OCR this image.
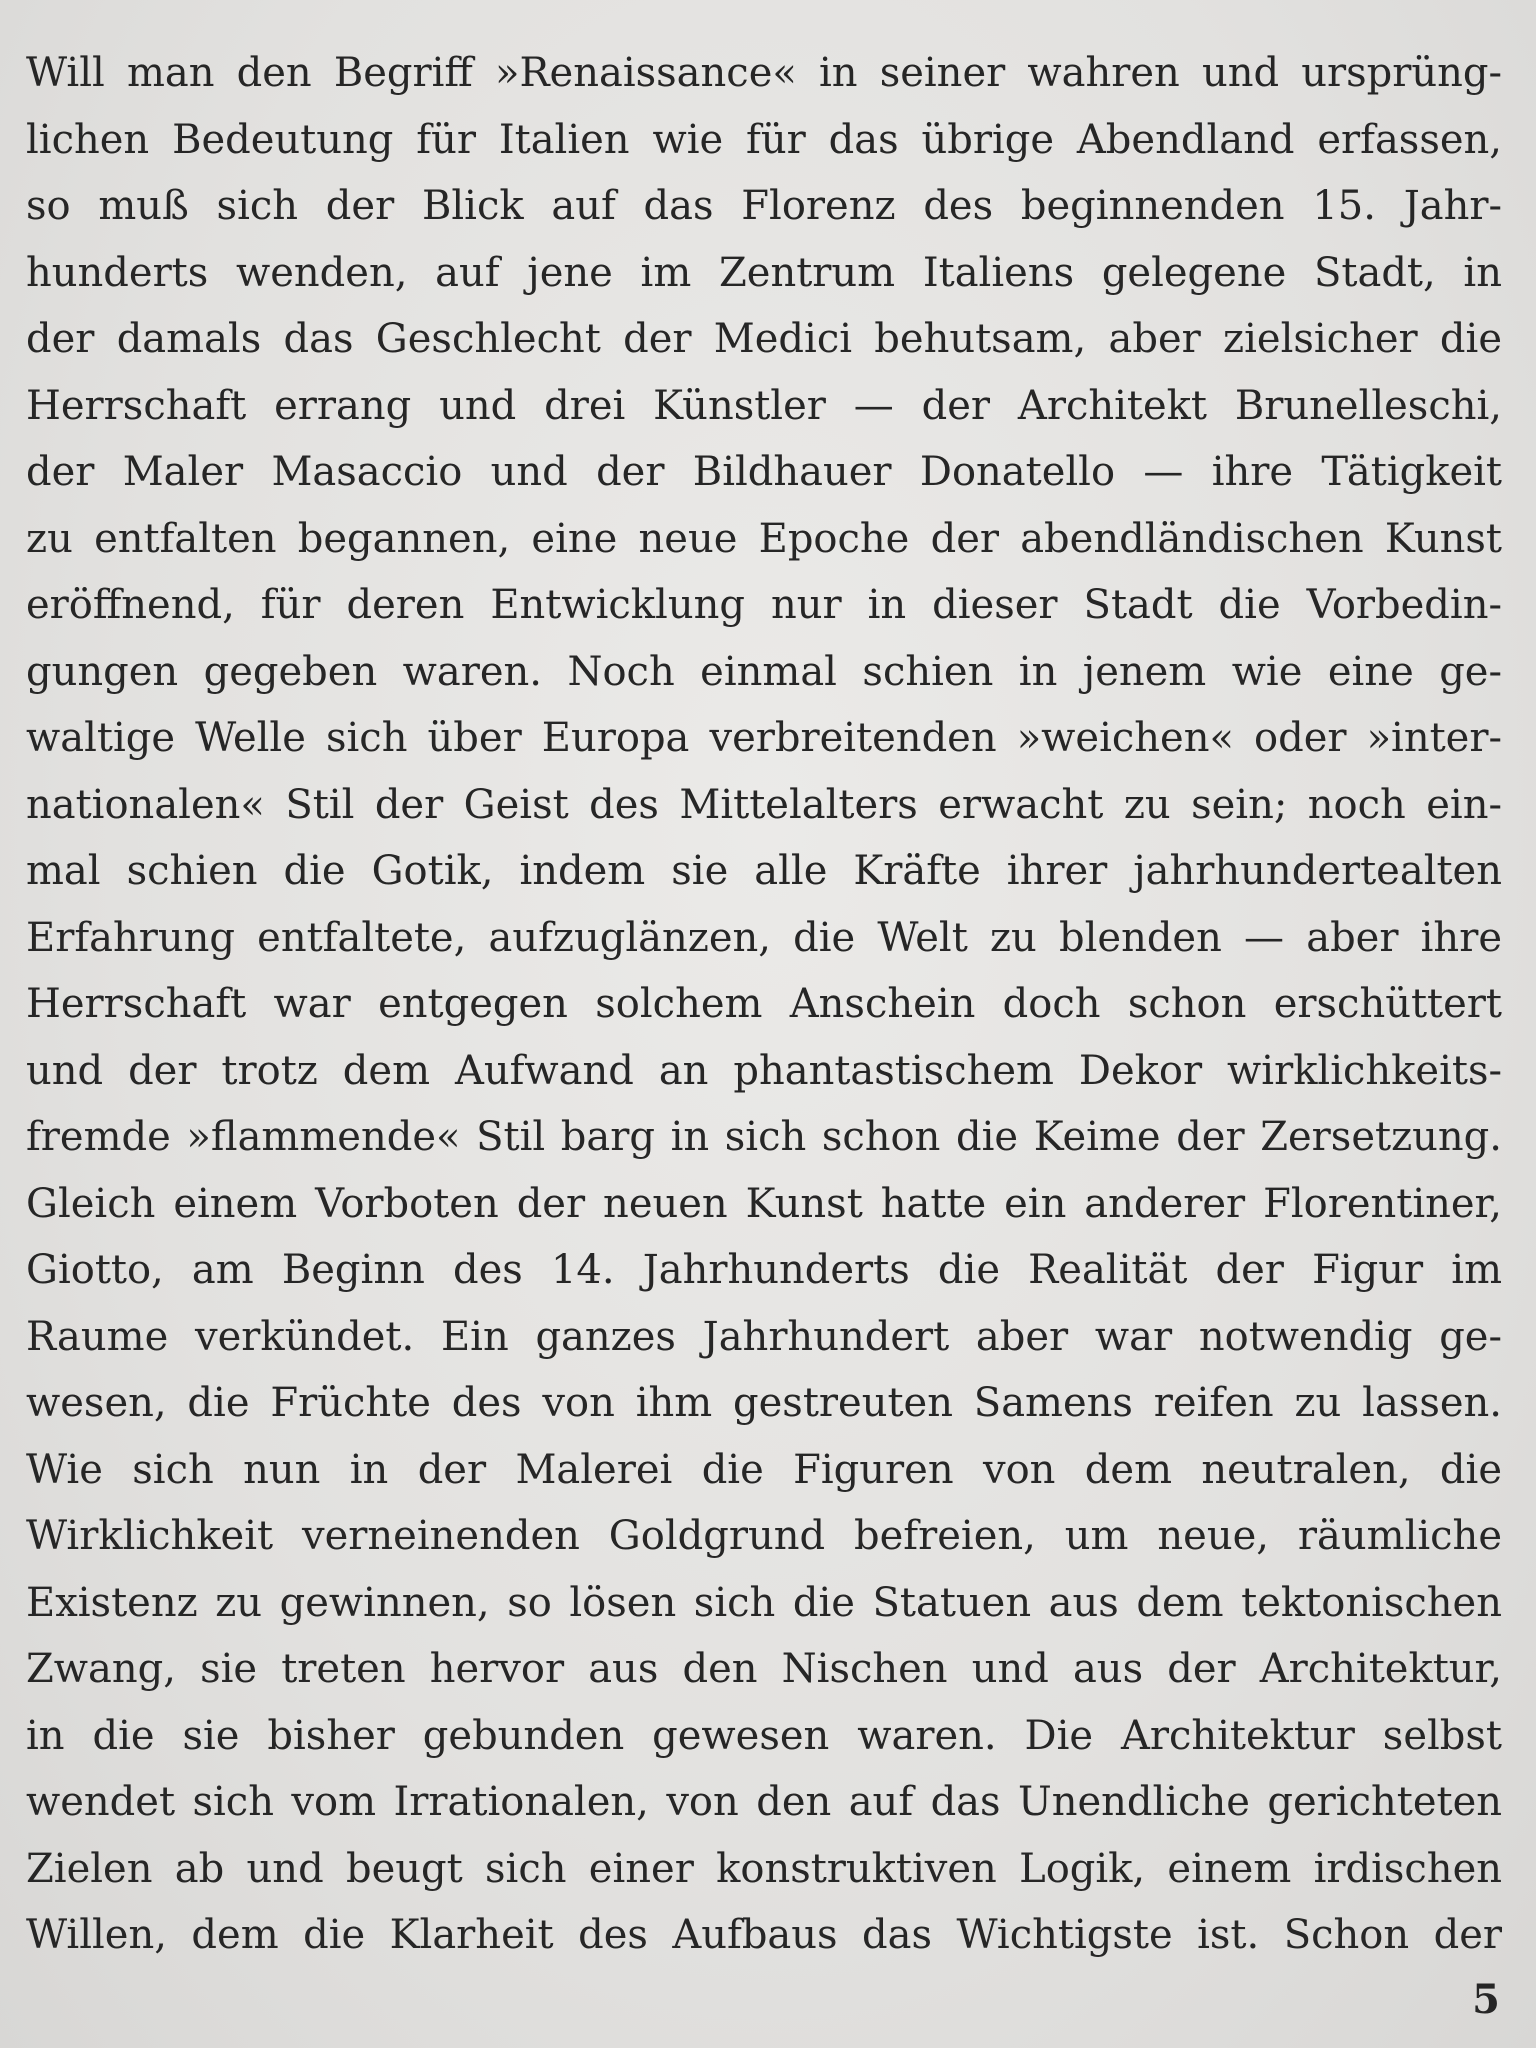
Will man den Begriff »Renaissance« in seiner wahren und ursprüng-
lichen Bedeutung für Italien wie für das übrige Abendland erfassen,
so muß sich der Blick auf das Florenz des beginnenden 15. Jahr-
hunderts wenden, auf jene im Zentrum Italiens gelegene Stadt, in
der damals das Geschlecht der Medici behutsam, aber zielsicher die
Herrschaft errang und drei Künstler — der Architekt Brunelleschi,
der Maler Masaccio und der Bildhauer Donatello — ihre Tätigkeit
zu entfalten begannen, eine neue Epoche der abendländischen Kunst
eröffnend, für deren Entwicklung nur in dieser Stadt die Vorbedin-
gungen gegeben waren. Noch einmal schien in jenem wie eine ge-
waltige Welle sich über Europa verbreitenden »weichen« oder »inter-
nationalen« Stil der Geist des Mittelalters erwacht zu sein; noch ein-
mal schien die Gotik, indem sie alle Kräfte ihrer jahrhundertealten
Erfahrung entfaltete, aufzuglänzen, die Welt zu blenden — aber ihre
Herrschaft war entgegen solchem Anschein doch schon erschüttert
und der trotz dem Aufwand an phantastischem Dekor wirklichkeits-
fremde »flammende« Stil barg in sich schon die Keime der Zersetzung.
Gleich einem Vorboten der neuen Kunst hatte ein anderer Florentiner,
Giotto, am Beginn des 14. Jahrhunderts die Realität der Figur im
Raume verkündet. Ein ganzes Jahrhundert aber war notwendig ge-
wesen, die Früchte des von ihm gestreuten Samens reifen zu lassen.
Wie sich nun in der Malerei die Figuren von dem neutralen, die
Wirklichkeit verneinenden Goldgrund befreien, um neue, räumliche
Existenz zu gewinnen, so lösen sich die Statuen aus dem tektonischen
Zwang, sie treten hervor aus den Nischen und aus der Architektur,
in die sie bisher gebunden gewesen waren. Die Architektur selbst
wendet sich vom Irrationalen, von den auf das Unendliche gerichteten
Zielen ab und beugt sich einer konstruktiven Logik, einem irdischen
Willen, dem die Klarheit des Aufbaus das Wichtigste ist. Schon der
5
